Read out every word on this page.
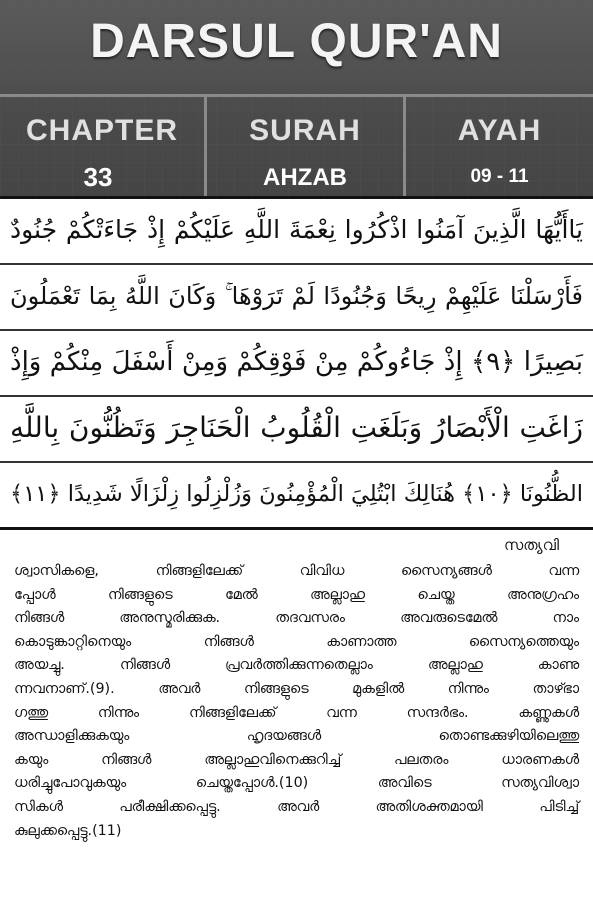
DARSUL QUR'AN
CHAPTER	SURAH	AYAH
33	AHZAB	09 - 11
يَاأَيُّهَا الَّذِينَ آمَنُوا اذْكُرُوا نِعْمَةَ اللَّهِ عَلَيْكُمْ إِذْ جَاءَتْكُمْ جُنُودٌ
فَأَرْسَلْنَا عَلَيْهِمْ رِيحًا وَجُنُودًا لَمْ تَرَوْهَا ۚ وَكَانَ اللَّهُ بِمَا تَعْمَلُونَ
بَصِيرًا ﴿٩﴾ إِذْ جَاءُوكُمْ مِنْ فَوْقِكُمْ وَمِنْ أَسْفَلَ مِنْكُمْ وَإِذْ
زَاغَتِ الْأَبْصَارُ وَبَلَغَتِ الْقُلُوبُ الْحَنَاجِرَ وَتَظُنُّونَ بِاللَّهِ
الظُّنُونَا ﴿١٠﴾ هُنَالِكَ ابْتُلِيَ الْمُؤْمِنُونَ وَزُلْزِلُوا زِلْزَالًا شَدِيدًا ﴿١١﴾
സത്യവി
ശ്വാസികളെ, നിങ്ങളിലേക്ക് വിവിധ സൈന്യങ്ങൾ വന്ന
പ്പോൾ നിങ്ങളുടെ മേൽ അല്ലാഹു ചെയ്ത അനുഗ്രഹം
നിങ്ങൾ അനുസ്മരിക്കുക. തദവസരം അവരുടെമേൽ നാം
കൊടുങ്കാറ്റിനെയും നിങ്ങൾ കാണാത്ത സൈന്യത്തെയും
അയച്ചു. നിങ്ങൾ പ്രവർത്തിക്കുന്നതെല്ലാം അല്ലാഹു കാണു
ന്നവനാണ്.(9). അവർ നിങ്ങളുടെ മുകളിൽ നിന്നും താഴ്ഭാ
ഗത്തു നിന്നും നിങ്ങളിലേക്ക് വന്ന സന്ദർഭം. കണ്ണുകൾ
അന്ധാളിക്കുകയും ഹൃദയങ്ങൾ തൊണ്ടക്കുഴിയിലെത്തു
കയും നിങ്ങൾ അല്ലാഹുവിനെക്കുറിച്ച് പലതരം ധാരണകൾ
ധരിച്ചുപോവുകയും ചെയ്തപ്പോൾ.(10) അവിടെ സത്യവിശ്വാ
സികൾ പരീക്ഷിക്കപ്പെട്ടു. അവർ അതിശക്തമായി പിടിച്ച്
കുലുക്കപ്പെട്ടു.(11)
